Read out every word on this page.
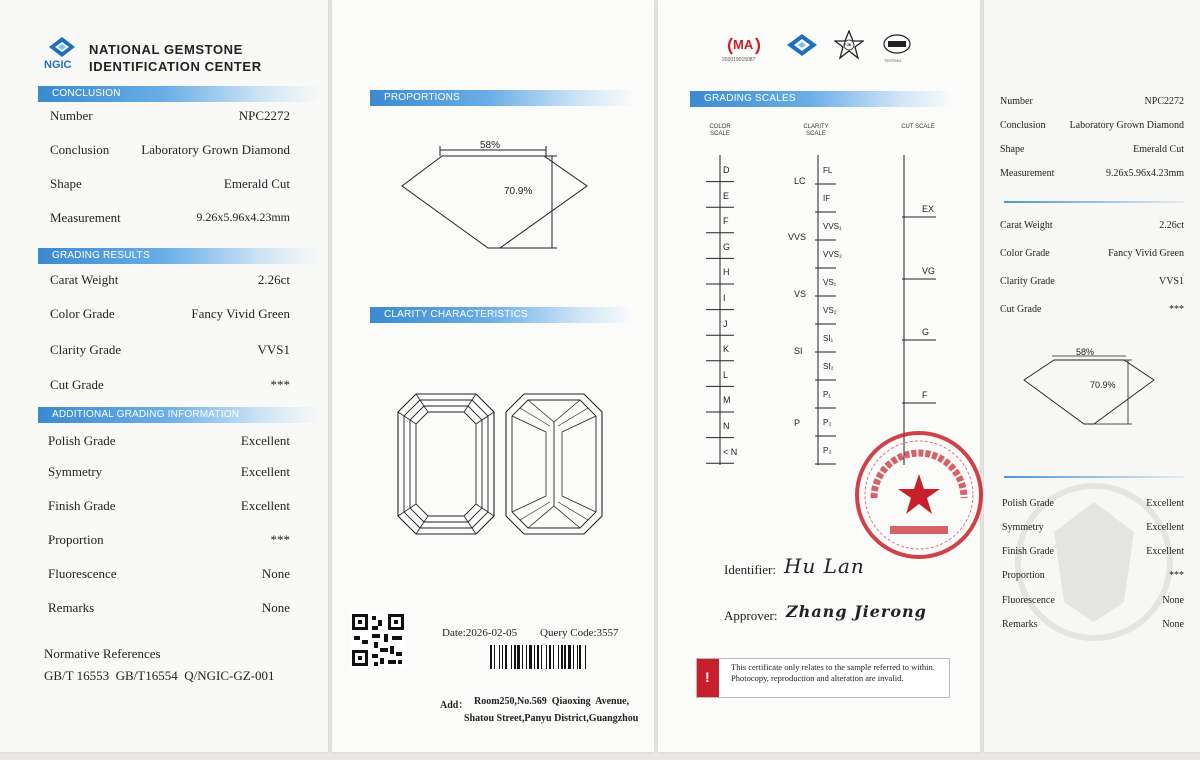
NGIC
NATIONAL GEMSTONE
IDENTIFICATION CENTER
CONCLUSION
Number	NPC2272
Conclusion Laboratory Grown Diamond
Shape	Emerald Cut
Measurement	9.26x5.96x4.23mm
GRADING RESULTS
Carat Weight	2.26ct
Color Grade	Fancy Vivid Green
Clarity Grade	VVS1
Cut Grade	***
ADDITIONAL GRADING INFORMATION
Polish Grade	Excellent
Symmetry	Excellent
Finish Grade	Excellent
Proportion	***
Fluorescence	None
Remarks	None
Normative References
GB/T 16553  GB/T16554  Q/NGIC-GZ-001
PROPORTIONS
58%
70.9%
CLARITY CHARACTERISTICS
Date:2026-02-05 Query Code:3557
Add： Room250,No.569  Qiaoxing  Avenue,
Shatou Street,Panyu District,Guangzhou
MA
202019015087
FJK
TESTING
GRADING SCALES
COLOR SCALE
CLARITY SCALE
CUT SCALE
D
E
F
G
H
I
J
K
L
M
N
< N
FL
IF
VVS₁
VVS₂
VS₁
VS₂
SI₁
SI₂
P₁
P₂
P₃
LC
VVS
VS
SI
P
EX
VG
G
F
Identifier: Hu Lan
Approver: Zhang Jierong
!
This certificate only relates to the sample referred to within. Photocopy, reproduction and alteration are invalid.
Number	NPC2272
Conclusion Laboratory Grown Diamond
Shape	Emerald Cut
Measurement	9.26x5.96x4.23mm
Carat Weight	2.26ct
Color Grade	Fancy Vivid Green
Clarity Grade	VVS1
Cut Grade	***
58%
70.9%
Polish Grade	Excellent
Symmetry	Excellent
Finish Grade	Excellent
Proportion	***
Fluorescence	None
Remarks	None
